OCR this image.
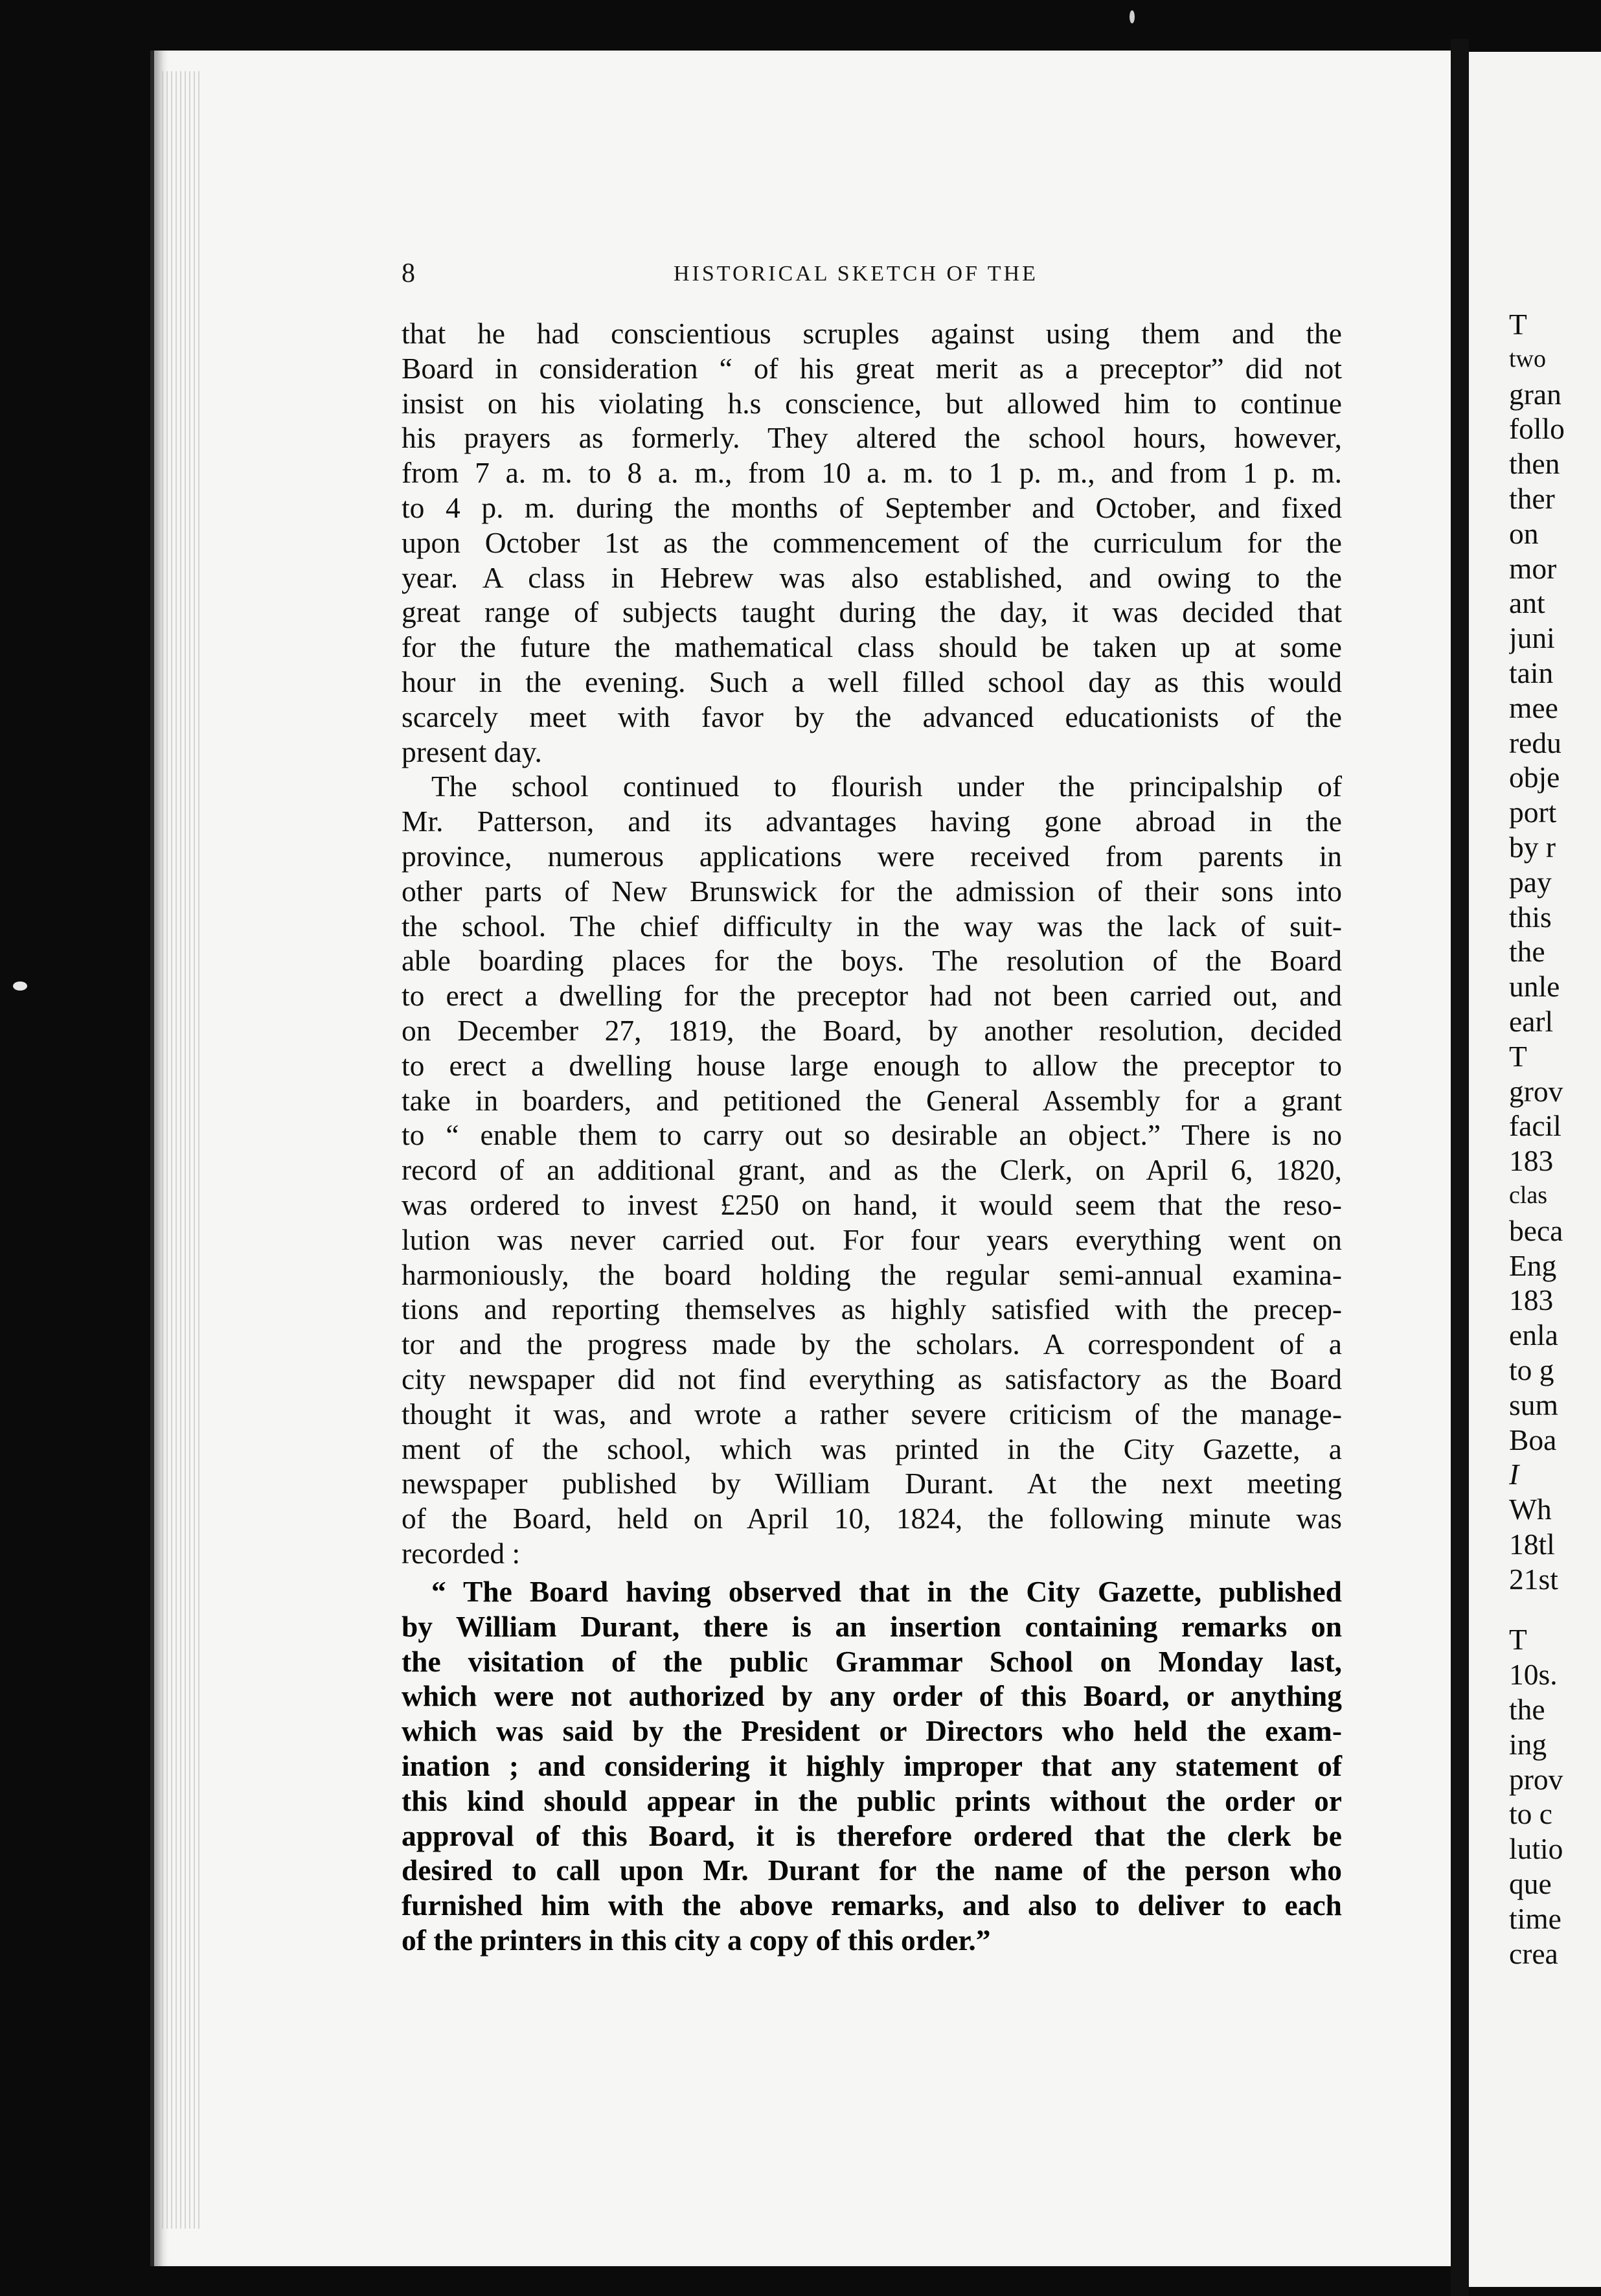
8	HISTORICAL SKETCH OF THE
that he had conscientious scruples against using them and the
Board in consideration “ of his great merit as a preceptor” did not
insist on his violating h.s conscience, but allowed him to continue
his prayers as formerly. They altered the school hours, however,
from 7 a. m. to 8 a. m., from 10 a. m. to 1 p. m., and from 1 p. m.
to 4 p. m. during the months of September and October, and fixed
upon October 1st as the commencement of the curriculum for the
year. A class in Hebrew was also established, and owing to the
great range of subjects taught during the day, it was decided that
for the future the mathematical class should be taken up at some
hour in the evening. Such a well filled school day as this would
scarcely meet with favor by the advanced educationists of the
present day.
The school continued to flourish under the principalship of
Mr. Patterson, and its advantages having gone abroad in the
province, numerous applications were received from parents in
other parts of New Brunswick for the admission of their sons into
the school. The chief difficulty in the way was the lack of suit-
able boarding places for the boys. The resolution of the Board
to erect a dwelling for the preceptor had not been carried out, and
on December 27, 1819, the Board, by another resolution, decided
to erect a dwelling house large enough to allow the preceptor to
take in boarders, and petitioned the General Assembly for a grant
to “ enable them to carry out so desirable an object.” There is no
record of an additional grant, and as the Clerk, on April 6, 1820,
was ordered to invest £250 on hand, it would seem that the reso-
lution was never carried out. For four years everything went on
harmoniously, the board holding the regular semi-annual examina-
tions and reporting themselves as highly satisfied with the precep-
tor and the progress made by the scholars. A correspondent of a
city newspaper did not find everything as satisfactory as the Board
thought it was, and wrote a rather severe criticism of the manage-
ment of the school, which was printed in the City Gazette, a
newspaper published by William Durant. At the next meeting
of the Board, held on April 10, 1824, the following minute was
recorded :
“ The Board having observed that in the City Gazette, published
by William Durant, there is an insertion containing remarks on
the visitation of the public Grammar School on Monday last,
which were not authorized by any order of this Board, or anything
which was said by the President or Directors who held the exam-
ination ; and considering it highly improper that any statement of
this kind should appear in the public prints without the order or
approval of this Board, it is therefore ordered that the clerk be
desired to call upon Mr. Durant for the name of the person who
furnished him with the above remarks, and also to deliver to each
of the printers in this city a copy of this order.”
T
two
gran
follo
then
ther
on
mor
ant
juni
tain
mee
redu
obje
port
by r
pay
this
the
unle
earl
T
grov
facil
183
clas
beca
Eng
183
enla
to g
sum
Boa
I
Wh
18tl
21st
T
10s.
the
ing
prov
to c
lutio
que
time
crea
